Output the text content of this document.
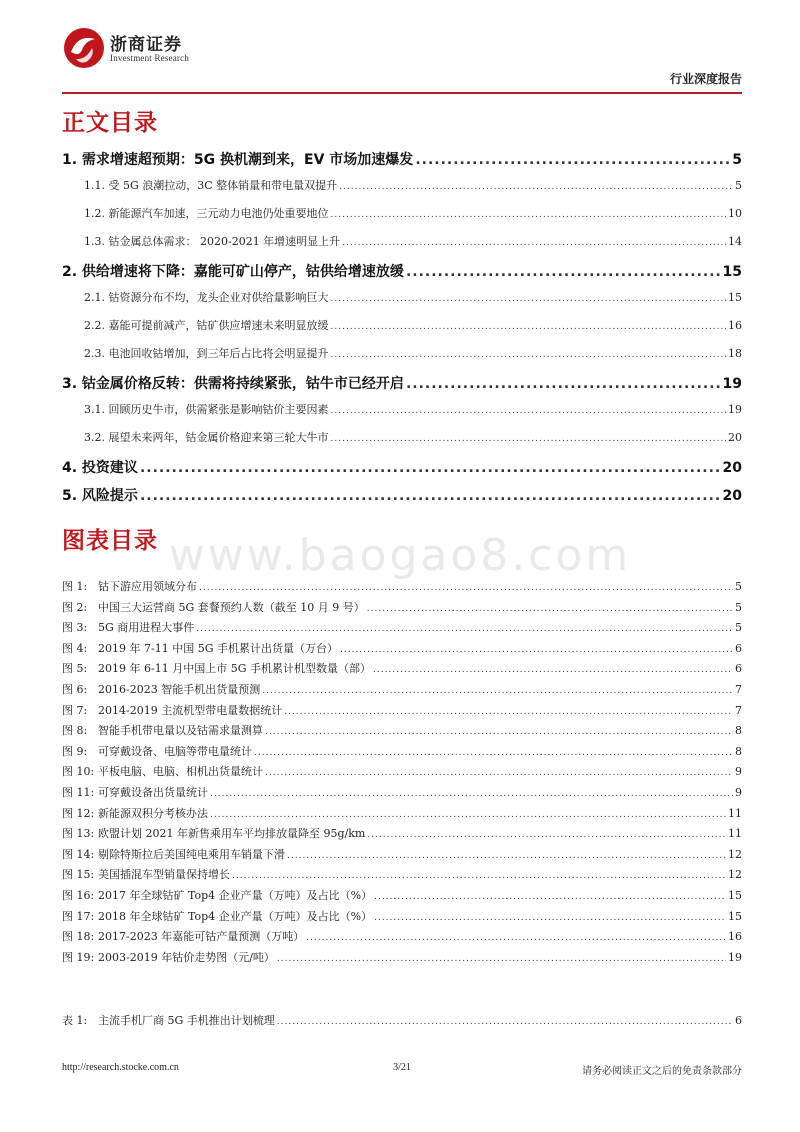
浙商证券
Investment Research
行业深度报告
正文目录
1. 需求增速超预期：5G 换机潮到来，EV 市场加速爆发 .....	5
1.1. 受 5G 浪潮拉动，3C 整体销量和带电量双提升 .....	5
1.2. 新能源汽车加速，三元动力电池仍处重要地位 .....	10
1.3. 钴金属总体需求： 2020-2021 年增速明显上升 .....	14
2. 供给增速将下降：嘉能可矿山停产，钴供给增速放缓 .....	15
2.1. 钴资源分布不均，龙头企业对供给量影响巨大 .....	15
2.2. 嘉能可提前减产，钴矿供应增速未来明显放缓 .....	16
2.3. 电池回收钴增加，到三年后占比将会明显提升 .....	18
3. 钴金属价格反转：供需将持续紧张，钴牛市已经开启 .....	19
3.1. 回顾历史牛市，供需紧张是影响钴价主要因素 .....	19
3.2. 展望未来两年，钴金属价格迎来第三轮大牛市 .....	20
4. 投资建议 .....	20
5. 风险提示 .....	20
图表目录 www.baogao8.com
图 1: 钴下游应用领域分布 .....	5
图 2: 中国三大运营商 5G 套餐预约人数（截至 10 月 9 号） .....	5
图 3: 5G 商用进程大事件 .....	5
图 4: 2019 年 7-11 中国 5G 手机累计出货量（万台） .....	6
图 5: 2019 年 6-11 月中国上市 5G 手机累计机型数量（部） .....	6
图 6: 2016-2023 智能手机出货量预测 .....	7
图 7: 2014-2019 主流机型带电量数据统计 .....	7
图 8: 智能手机带电量以及钴需求量测算 .....	8
图 9: 可穿戴设备、电脑等带电量统计 .....	8
图 10: 平板电脑、电脑、相机出货量统计 .....	9
图 11: 可穿戴设备出货量统计 .....	9
图 12: 新能源双积分考核办法 .....	11
图 13: 欧盟计划 2021 年新售乘用车平均排放量降至 95g/km .....	11
图 14: 剔除特斯拉后美国纯电乘用车销量下滑 .....	12
图 15: 美国插混车型销量保持增长 .....	12
图 16: 2017 年全球钴矿 Top4 企业产量（万吨）及占比（%） .....	15
图 17: 2018 年全球钴矿 Top4 企业产量（万吨）及占比（%） .....	15
图 18: 2017-2023 年嘉能可钴产量预测（万吨） .....	16
图 19: 2003-2019 年钴价走势图（元/吨） .....	19
表 1: 主流手机厂商 5G 手机推出计划梳理 .....	6
http://research.stocke.com.cn	3/21	请务必阅读正文之后的免责条款部分
